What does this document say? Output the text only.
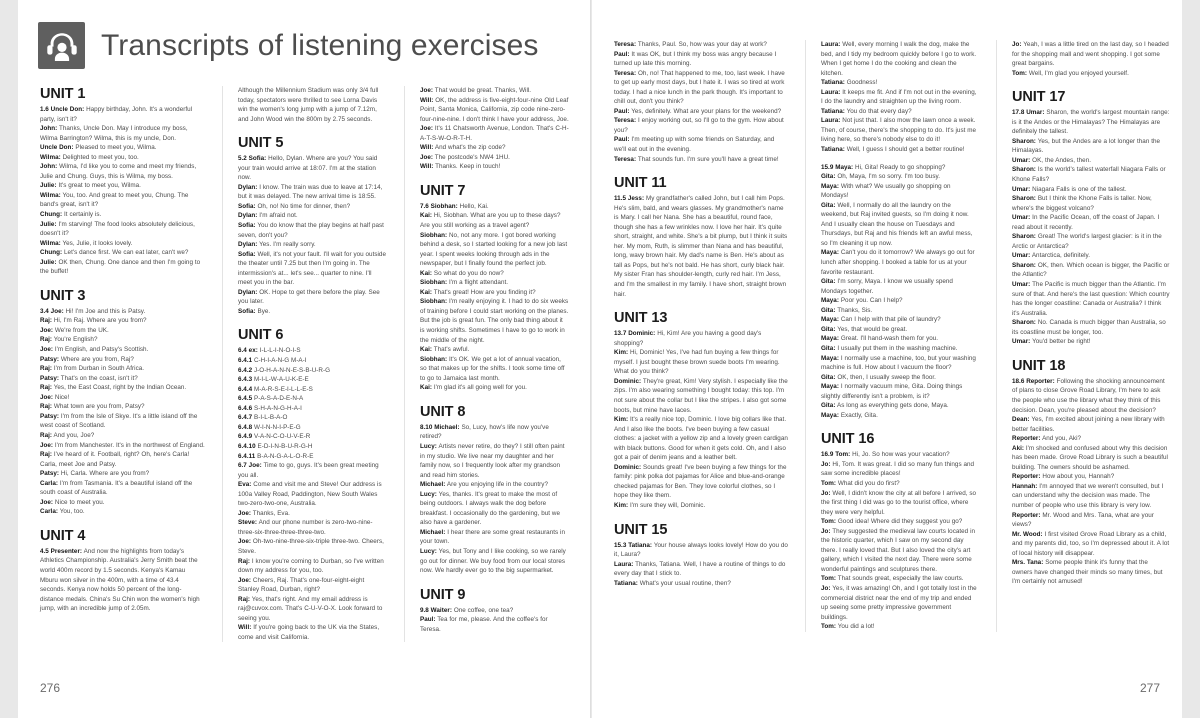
Transcripts of listening exercises
UNIT 1

1.6 Uncle Don: Happy birthday, John. It's a wonderful party, isn't it?

John: Thanks, Uncle Don. May I introduce my boss, Wilma Barrington? Wilma, this is my uncle, Don.

Uncle Don: Pleased to meet you, Wilma.

Wilma: Delighted to meet you, too.

John: Wilma, I'd like you to come and meet my friends, Julie and Chung. Guys, this is Wilma, my boss.

Julie: It's great to meet you, Wilma.

Wilma: You, too. And great to meet you, Chung. The band's great, isn't it?

Chung: It certainly is.

Julie: I'm starving! The food looks absolutely delicious, doesn't it?

Wilma: Yes, Julie, it looks lovely.

Chung: Let's dance first. We can eat later, can't we?

Julie: OK then, Chung. One dance and then I'm going to the buffet!

UNIT 3

3.4 Joe: Hi! I'm Joe and this is Patsy.

Raj: Hi, I'm Raj. Where are you from?

Joe: We're from the UK.

Raj: You're English?

Joe: I'm English, and Patsy's Scottish.

Patsy: Where are you from, Raj?

Raj: I'm from Durban in South Africa.

Patsy: That's on the coast, isn't it?

Raj: Yes, the East Coast, right by the Indian Ocean.

Joe: Nice!

Raj: What town are you from, Patsy?

Patsy: I'm from the Isle of Skye. It's a little island off the west coast of Scotland.

Raj: And you, Joe?

Joe: I'm from Manchester. It's in the northwest of England.

Raj: I've heard of it. Football, right? Oh, here's Carla! Carla, meet Joe and Patsy.

Patsy: Hi, Carla. Where are you from?

Carla: I'm from Tasmania. It's a beautiful island off the south coast of Australia.

Joe: Nice to meet you.

Carla: You, too.

UNIT 4

4.5 Presenter: And now the highlights from today's Athletics Championship. Australia's Jerry Smith beat the world 400m record by 1.5 seconds. Kenya's Kamau Mburu won silver in the 400m, with a time of 43.4 seconds. Kenya now holds 50 percent of the long-distance medals. China's Su Chin won the women's high jump, with an incredible jump of 2.05m.

Although the Millennium Stadium was only 3/4 full today, spectators were thrilled to see Lorna Davis win the women's long jump with a jump of 7.12m, and John Wood win the 800m by 2.75 seconds.

UNIT 5

5.2 Sofia: Hello, Dylan. Where are you? You said your train would arrive at 18:07. I'm at the station now.

Dylan: I know. The train was due to leave at 17:14, but it was delayed. The new arrival time is 18:55.

Sofia: Oh, no! No time for dinner, then?

Dylan: I'm afraid not.

Sofia: You do know that the play begins at half past seven, don't you?

Dylan: Yes. I'm really sorry.

Sofia: Well, it's not your fault. I'll wait for you outside the theater until 7.25 but then I'm going in. The intermission's at... let's see... quarter to nine. I'll meet you in the bar.

Dylan: OK. Hope to get there before the play. See you later.

Sofia: Bye.

UNIT 6

6.4 ex: I-L-L-I-N-O-I-S

6.4.1 C-H-I-A-N-G M-A-I

6.4.2 J-O-H-A-N-N-E-S-B-U-R-G

6.4.3 M-I-L-W-A-U-K-E-E

6.4.4 M-A-R-S-E-I-L-L-E-S

6.4.5 P-A-S-A-D-E-N-A

6.4.6 S-H-A-N-G-H-A-I

6.4.7 B-I-L-B-A-O

6.4.8 W-I-N-N-I-P-E-G

6.4.9 V-A-N-C-O-U-V-E-R

6.4.10 E-D-I-N-B-U-R-G-H

6.4.11 B-A-N-G-A-L-O-R-E

6.7 Joe: Time to go, guys. It's been great meeting you all.

Eva: Come and visit me and Steve! Our address is 100a Valley Road, Paddington, New South Wales two-zero-two-one, Australia.

Joe: Thanks, Eva.

Steve: And our phone number is zero-two-nine-three-six-three-three-three-two.

Joe: Oh-two-nine-three-six-triple three-two. Cheers, Steve.

Raj: I know you're coming to Durban, so I've written down my address for you, too.

Joe: Cheers, Raj. That's one-four-eight-eight Stanley Road, Durban, right?

Raj: Yes, that's right. And my email address is raj@cuvox.com. That's C-U-V-O-X. Look forward to seeing you.

Will: If you're going back to the UK via the States, come and visit California.

Joe: That would be great. Thanks, Will.

Will: OK, the address is five-eight-four-nine Old Leaf Point, Santa Monica, California, zip code nine-zero-four-nine-nine. I don't think I have your address, Joe.

Joe: It's 11 Chatsworth Avenue, London. That's C-H-A-T-S-W-O-R-T-H.

Will: And what's the zip code?

Joe: The postcode's NW4 1HU.

Will: Thanks. Keep in touch!

UNIT 7

7.6 Siobhan: Hello, Kai.

Kai: Hi, Siobhan. What are you up to these days? Are you still working as a travel agent?

Siobhan: No, not any more. I got bored working behind a desk, so I started looking for a new job last year. I spent weeks looking through ads in the newspaper, but I finally found the perfect job.

Kai: So what do you do now?

Siobhan: I'm a flight attendant.

Kai: That's great! How are you finding it?

Siobhan: I'm really enjoying it. I had to do six weeks of training before I could start working on the planes. But the job is great fun. The only bad thing about it is working shifts. Sometimes I have to go to work in the middle of the night.

Kai: That's awful.

Siobhan: It's OK. We get a lot of annual vacation, so that makes up for the shifts. I took some time off to go to Jamaica last month.

Kai: I'm glad it's all going well for you.

UNIT 8

8.10 Michael: So, Lucy, how's life now you've retired?

Lucy: Artists never retire, do they? I still often paint in my studio. We live near my daughter and her family now, so I frequently look after my grandson and read him stories.

Michael: Are you enjoying life in the country?

Lucy: Yes, thanks. It's great to make the most of being outdoors. I always walk the dog before breakfast. I occasionally do the gardening, but we also have a gardener.

Michael: I hear there are some great restaurants in your town.

Lucy: Yes, but Tony and I like cooking, so we rarely go out for dinner. We buy food from our local stores now. We hardly ever go to the big supermarket.

UNIT 9

9.8 Waiter: One coffee, one tea?

Paul: Tea for me, please. And the coffee's for Teresa.

Teresa: Thanks, Paul. So, how was your day at work?

Paul: It was OK, but I think my boss was angry because I turned up late this morning.

Teresa: Oh, no! That happened to me, too, last week. I have to get up early most days, but I hate it. I was so tired at work today. I had a nice lunch in the park though. It's important to chill out, don't you think?

Paul: Yes, definitely. What are your plans for the weekend?

Teresa: I enjoy working out, so I'll go to the gym. How about you?

Paul: I'm meeting up with some friends on Saturday, and we'll eat out in the evening.

Teresa: That sounds fun. I'm sure you'll have a great time!

UNIT 11

11.5 Jess: My grandfather's called John, but I call him Pops. He's slim, bald, and wears glasses. My grandmother's name is Mary. I call her Nana. She has a beautiful, round face, though she has a few wrinkles now. I love her hair. It's quite short, straight, and white. She's a bit plump, but I think it suits her. My mom, Ruth, is slimmer than Nana and has beautiful, long, wavy brown hair. My dad's name is Ben. He's about as tall as Pops, but he's not bald. He has short, curly black hair. My sister Fran has shoulder-length, curly red hair. I'm Jess, and I'm the smallest in my family. I have short, straight brown hair.

UNIT 13

13.7 Dominic: Hi, Kim! Are you having a good day's shopping?

Kim: Hi, Dominic! Yes, I've had fun buying a few things for myself. I just bought these brown suede boots I'm wearing. What do you think?

Dominic: They're great, Kim! Very stylish. I especially like the zips. I'm also wearing something I bought today: this top. I'm not sure about the collar but I like the stripes. I also got some boots, but mine have laces.

Kim: It's a really nice top, Dominic. I love big collars like that. And I also like the boots. I've been buying a few casual clothes: a jacket with a yellow zip and a lovely green cardigan with black buttons. Good for when it gets cold. Oh, and I also got a pair of denim jeans and a leather belt.

Dominic: Sounds great! I've been buying a few things for the family: pink polka dot pajamas for Alice and blue-and-orange checked pajamas for Ben. They love colorful clothes, so I hope they like them.

Kim: I'm sure they will, Dominic.

UNIT 15

15.3 Tatiana: Your house always looks lovely! How do you do it, Laura?

Laura: Thanks, Tatiana. Well, I have a routine of things to do every day that I stick to.

Tatiana: What's your usual routine, then?

Laura: Well, every morning I walk the dog, make the bed, and I tidy my bedroom quickly before I go to work. When I get home I do the cooking and clean the kitchen.

Tatiana: Goodness!

Laura: It keeps me fit. And if I'm not out in the evening, I do the laundry and straighten up the living room.

Tatiana: You do that every day?

Laura: Not just that. I also mow the lawn once a week. Then, of course, there's the shopping to do. It's just me living here, so there's nobody else to do it!

Tatiana: Well, I guess I should get a better routine!

15.9 Maya: Hi, Gita! Ready to go shopping?

Gita: Oh, Maya, I'm so sorry. I'm too busy.

Maya: With what? We usually go shopping on Mondays!

Gita: Well, I normally do all the laundry on the weekend, but Raj invited guests, so I'm doing it now. And I usually clean the house on Tuesdays and Thursdays, but Raj and his friends left an awful mess, so I'm cleaning it up now.

Maya: Can't you do it tomorrow? We always go out for lunch after shopping. I booked a table for us at your favorite restaurant.

Gita: I'm sorry, Maya. I know we usually spend Mondays together.

Maya: Poor you. Can I help?

Gita: Thanks, Sis.

Maya: Can I help with that pile of laundry?

Gita: Yes, that would be great.

Maya: Great. I'll hand-wash them for you.

Gita: I usually put them in the washing machine.

Maya: I normally use a machine, too, but your washing machine is full. How about I vacuum the floor?

Gita: OK, then, I usually sweep the floor.

Maya: I normally vacuum mine, Gita. Doing things slightly differently isn't a problem, is it?

Gita: As long as everything gets done, Maya.

Maya: Exactly, Gita.

UNIT 16

16.9 Tom: Hi, Jo. So how was your vacation?

Jo: Hi, Tom. It was great. I did so many fun things and saw some incredible places!

Tom: What did you do first?

Jo: Well, I didn't know the city at all before I arrived, so the first thing I did was go to the tourist office, where they were very helpful.

Tom: Good idea! Where did they suggest you go?

Jo: They suggested the medieval law courts located in the historic quarter, which I saw on my second day there. I really loved that. But I also loved the city's art gallery, which I visited the next day. There were some wonderful paintings and sculptures there.

Tom: That sounds great, especially the law courts.

Jo: Yes, it was amazing! Oh, and I got totally lost in the commercial district near the end of my trip and ended up seeing some pretty impressive government buildings.

Tom: You did a lot!

Jo: Yeah, I was a little tired on the last day, so I headed for the shopping mall and went shopping. I got some great bargains.

Tom: Well, I'm glad you enjoyed yourself.

UNIT 17

17.8 Umar: Sharon, the world's largest mountain range: is it the Andes or the Himalayas? The Himalayas are definitely the tallest.

Sharon: Yes, but the Andes are a lot longer than the Himalayas.

Umar: OK, the Andes, then.

Sharon: Is the world's tallest waterfall Niagara Falls or Khone Falls?

Umar: Niagara Falls is one of the tallest.

Sharon: But I think the Khone Falls is taller. Now, where's the biggest volcano?

Umar: In the Pacific Ocean, off the coast of Japan. I read about it recently.

Sharon: Great! The world's largest glacier: is it in the Arctic or Antarctica?

Umar: Antarctica, definitely.

Sharon: OK, then. Which ocean is bigger, the Pacific or the Atlantic?

Umar: The Pacific is much bigger than the Atlantic. I'm sure of that. And here's the last question: Which country has the longer coastline: Canada or Australia? I think it's Australia.

Sharon: No. Canada is much bigger than Australia, so its coastline must be longer, too.

Umar: You'd better be right!

UNIT 18

18.6 Reporter: Following the shocking announcement of plans to close Grove Road Library, I'm here to ask the people who use the library what they think of this decision. Dean, you're pleased about the decision?

Dean: Yes, I'm excited about joining a new library with better facilities.

Reporter: And you, Aki?

Aki: I'm shocked and confused about why this decision has been made. Grove Road Library is such a beautiful building. The owners should be ashamed.

Reporter: How about you, Hannah?

Hannah: I'm annoyed that we weren't consulted, but I can understand why the decision was made. The number of people who use this library is very low.

Reporter: Mr. Wood and Mrs. Tana, what are your views?

Mr. Wood: I first visited Grove Road Library as a child, and my parents did, too, so I'm depressed about it. A lot of local history will disappear.

Mrs. Tana: Some people think it's funny that the owners have changed their minds so many times, but I'm certainly not amused!

276	277
